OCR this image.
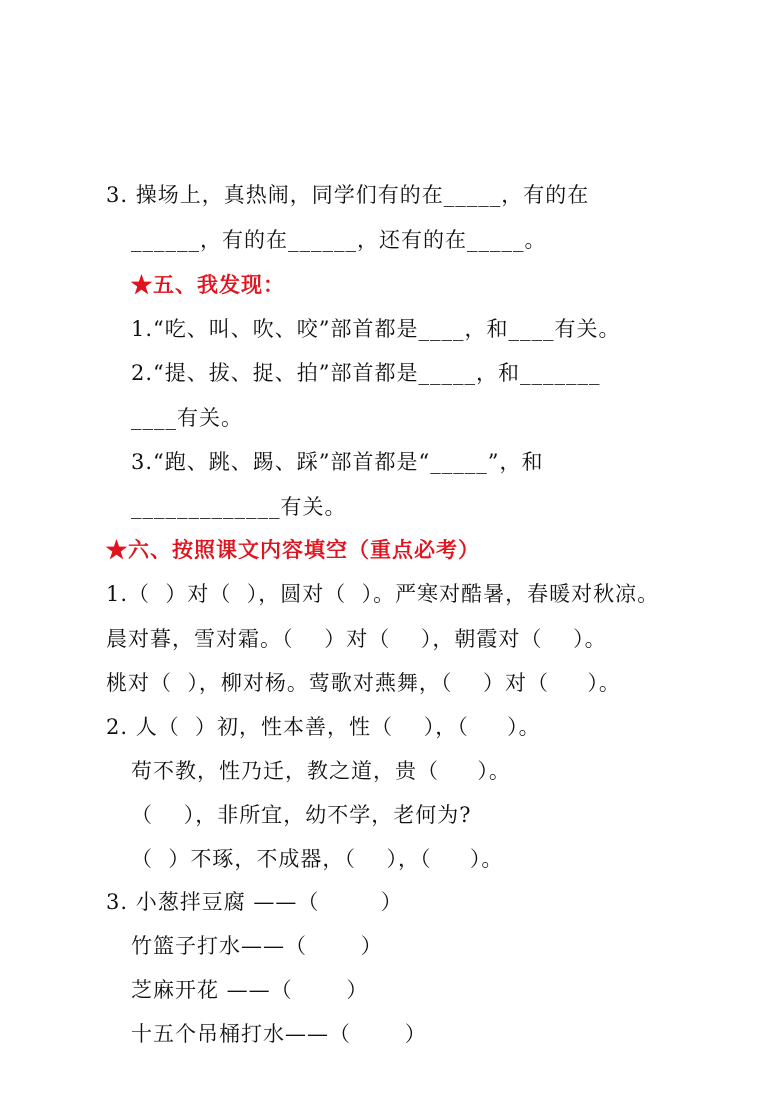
3. 操场上，真热闹，同学们有的在_____，有的在
______，有的在______，还有的在_____。
★五、我发现：
1.“吃、叫、吹、咬”部首都是____，和____有关。
2.“提、拔、捉、拍”部首都是_____，和_______
____有关。
3.“跑、跳、踢、踩”部首都是“_____”，和
_____________有关。
★六、按照课文内容填空（重点必考）
1.（  ）对（  ），圆对（  ）。严寒对酷暑，春暖对秋凉。
晨对暮，雪对霜。（    ）对（    ），朝霞对（    ）。
桃对（  ），柳对杨。莺歌对燕舞，（    ）对（     ）。
2. 人（  ）初，性本善，性（    ），（     ）。
苟不教，性乃迁，教之道，贵（     ）。
（    ），非所宜，幼不学，老何为?
（  ）不琢，不成器，（    ），（     ）。
3. 小葱拌豆腐 ——（        ）
竹篮子打水——（       ）
芝麻开花 ——（       ）
十五个吊桶打水——（       ）
